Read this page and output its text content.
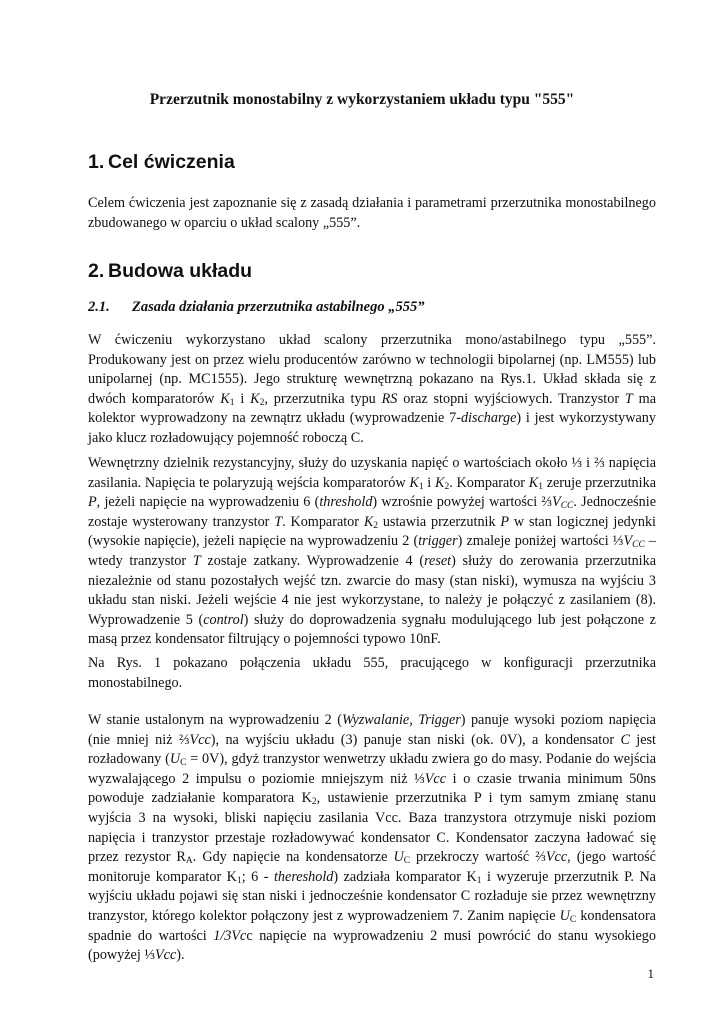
Przerzutnik monostabilny z wykorzystaniem układu typu "555"
1. Cel ćwiczenia

Celem ćwiczenia jest zapoznanie się z zasadą działania i parametrami przerzutnika monostabilnego zbudowanego w oparciu o układ scalony „555”.

2. Budowa układu
2.1. Zasada działania przerzutnika astabilnego „555”

W ćwiczeniu wykorzystano układ scalony przerzutnika mono/astabilnego typu „555”. Produkowany jest on przez wielu producentów zarówno w technologii bipolarnej (np. LM555) lub unipolarnej (np. MC1555). Jego strukturę wewnętrzną pokazano na Rys.1. Układ składa się z dwóch komparatorów $K_1$ i $K_2$, przerzutnika typu RS oraz stopni wyjściowych. Tranzystor T ma kolektor wyprowadzony na zewnątrz układu (wyprowadzenie 7-discharge) i jest wykorzystywany jako klucz rozładowujący pojemność roboczą C.

Wewnętrzny dzielnik rezystancyjny, służy do uzyskania napięć o wartościach około ⅓ i ⅔ napięcia zasilania. Napięcia te polaryzują wejścia komparatorów $K_1$ i $K_2$. Komparator $K_1$ zeruje przerzutnika P, jeżeli napięcie na wyprowadzeniu 6 (threshold) wzrośnie powyżej wartości $\frac{2}{3}V_{CC}$. Jednocześnie zostaje wysterowany tranzystor T. Komparator $K_2$ ustawia przerzutnik P w stan logicznej jedynki (wysokie napięcie), jeżeli napięcie na wyprowadzeniu 2 (trigger) zmaleje poniżej wartości $\frac{1}{3}V_{CC}$ – wtedy tranzystor T zostaje zatkany. Wyprowadzenie 4 (reset) służy do zerowania przerzutnika niezależnie od stanu pozostałych wejść tzn. zwarcie do masy (stan niski), wymusza na wyjściu 3 układu stan niski. Jeżeli wejście 4 nie jest wykorzystane, to należy je połączyć z zasilaniem (8). Wyprowadzenie 5 (control) służy do doprowadzenia sygnału modulującego lub jest połączone z masą przez kondensator filtrujący o pojemności typowo 10nF.

Na Rys. 1 pokazano połączenia układu 555, pracującego w konfiguracji przerzutnika monostabilnego.

W stanie ustalonym na wyprowadzeniu 2 (Wyzwalanie, Trigger) panuje wysoki poziom napięcia (nie mniej niż ⅔Vcc), na wyjściu układu (3) panuje stan niski (ok. 0V), a kondensator C jest rozładowany $(U_C = 0V)$, gdyż tranzystor wenwetrzy układu zwiera go do masy. Podanie do wejścia wyzwalającego 2 impulsu o poziomie mniejszym niż ⅓Vcc i o czasie trwania minimum 50ns powoduje zadziałanie komparatora $K_2$, ustawienie przerzutnika P i tym samym zmianę stanu wyjścia 3 na wysoki, bliski napięciu zasilania Vcc. Baza tranzystora otrzymuje niski poziom napięcia i tranzystor przestaje rozładowywać kondensator C. Kondensator zaczyna ładować się przez rezystor $R_A$. Gdy napięcie na kondensatorze $U_C$ przekroczy wartość ⅔Vcc, (jego wartość monitoruje komparator $K_1$; 6 - thereshold) zadziała komparator $K_1$ i wyzeruje przerzutnik P. Na wyjściu układu pojawi się stan niski i jednocześnie kondensator C rozładuje sie przez wewnętrzny tranzystor, którego kolektor połączony jest z wyprowadzeniem 7. Zanim napięcie $U_C$ kondensatora spadnie do wartości 1/3Vcc napięcie na wyprowadzeniu 2 musi powrócić do stanu wysokiego (powyżej ⅓Vcc).

1
